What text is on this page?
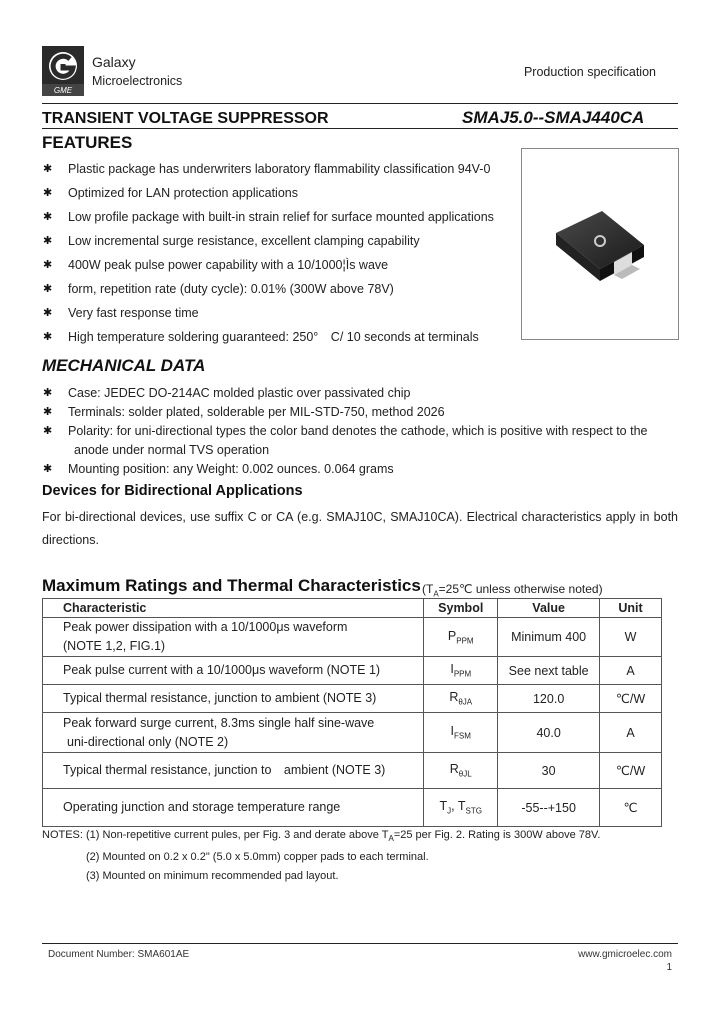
GME
Galaxy
Microelectronics
Production specification
TRANSIENT VOLTAGE SUPPRESSOR	SMAJ5.0--SMAJ440CA
FEATURES
✱ Plastic package has underwriters laboratory flammability classification 94V-0
✱ Optimized for LAN protection applications
✱ Low profile package with built-in strain relief for surface mounted applications
✱ Low incremental surge resistance, excellent clamping capability
✱ 400W peak pulse power capability with a 10/1000¦Ìs wave
✱ form, repetition rate (duty cycle): 0.01% (300W above 78V)
✱ Very fast response time
✱ High temperature soldering guaranteed: 250°　C/ 10 seconds at terminals
MECHANICAL DATA
✱ Case: JEDEC DO-214AC molded plastic over passivated chip
✱ Terminals: solder plated, solderable per MIL-STD-750, method 2026
✱ Polarity: for uni-directional types the color band denotes the cathode, which is positive with respect to the
anode under normal TVS operation
✱ Mounting position: any Weight: 0.002 ounces. 0.064 grams
Devices for Bidirectional Applications
For bi-directional devices, use suffix C or CA (e.g. SMAJ10C, SMAJ10CA). Electrical characteristics apply in both directions.
Maximum Ratings and Thermal Characteristics ($T_A=25℃$ unless otherwise noted)
Characteristic	Symbol	Value	Unit

Peak power dissipation with a 10/1000μs waveform
(NOTE 1,2, FIG.1)	$P_{PPM}$	Minimum 400	W

Peak pulse current with a 10/1000μs waveform (NOTE 1)	$I_{PPM}$	See next table	A

Typical thermal resistance, junction to ambient (NOTE 3)	$R_{\theta JA}$	120.0	℃/W

Peak forward surge current, 8.3ms single half sine-wave
uni-directional only (NOTE 2)	$I_{FSM}$	40.0	A

Typical thermal resistance, junction to　ambient (NOTE 3)	$R_{\theta JL}$	30	℃/W

Operating junction and storage temperature range	$T_J$, $T_{STG}$	-55--+150	℃
NOTES: (1) Non-repetitive current pules, per Fig. 3 and derate above $T_A=25$ per Fig. 2. Rating is 300W above 78V.
(2) Mounted on 0.2 x 0.2" (5.0 x 5.0mm) copper pads to each terminal.
(3) Mounted on minimum recommended pad layout.
Document Number: SMA601AE	www.gmicroelec.com
1
